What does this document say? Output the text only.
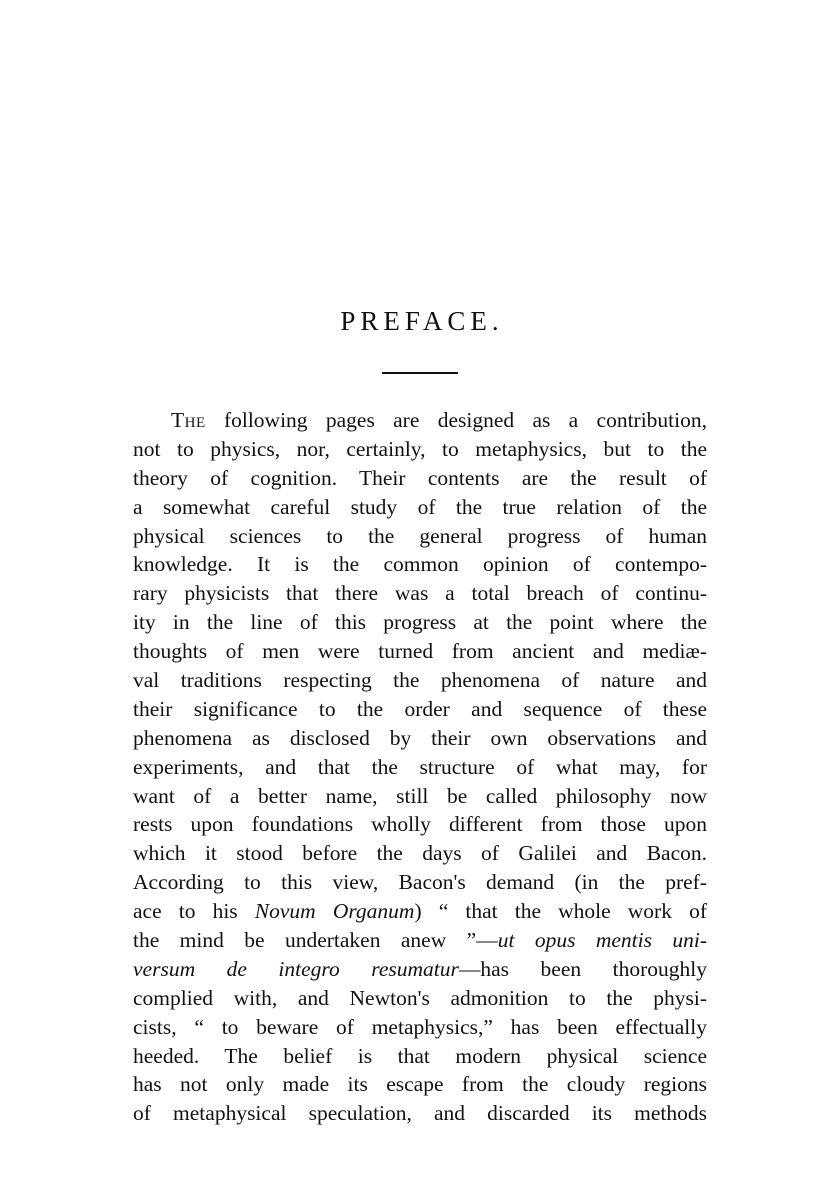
PREFACE.
The following pages are designed as a contribution,
not to physics, nor, certainly, to metaphysics, but to the
theory of cognition. Their contents are the result of
a somewhat careful study of the true relation of the
physical sciences to the general progress of human
knowledge. It is the common opinion of contempo-
rary physicists that there was a total breach of continu-
ity in the line of this progress at the point where the
thoughts of men were turned from ancient and mediæ-
val traditions respecting the phenomena of nature and
their significance to the order and sequence of these
phenomena as disclosed by their own observations and
experiments, and that the structure of what may, for
want of a better name, still be called philosophy now
rests upon foundations wholly different from those upon
which it stood before the days of Galilei and Bacon.
According to this view, Bacon's demand (in the pref-
ace to his Novum Organum) “ that the whole work of
the mind be undertaken anew ”—ut opus mentis uni-
versum de integro resumatur—has been thoroughly
complied with, and Newton's admonition to the physi-
cists, “ to beware of metaphysics,” has been effectually
heeded. The belief is that modern physical science
has not only made its escape from the cloudy regions
of metaphysical speculation, and discarded its methods
